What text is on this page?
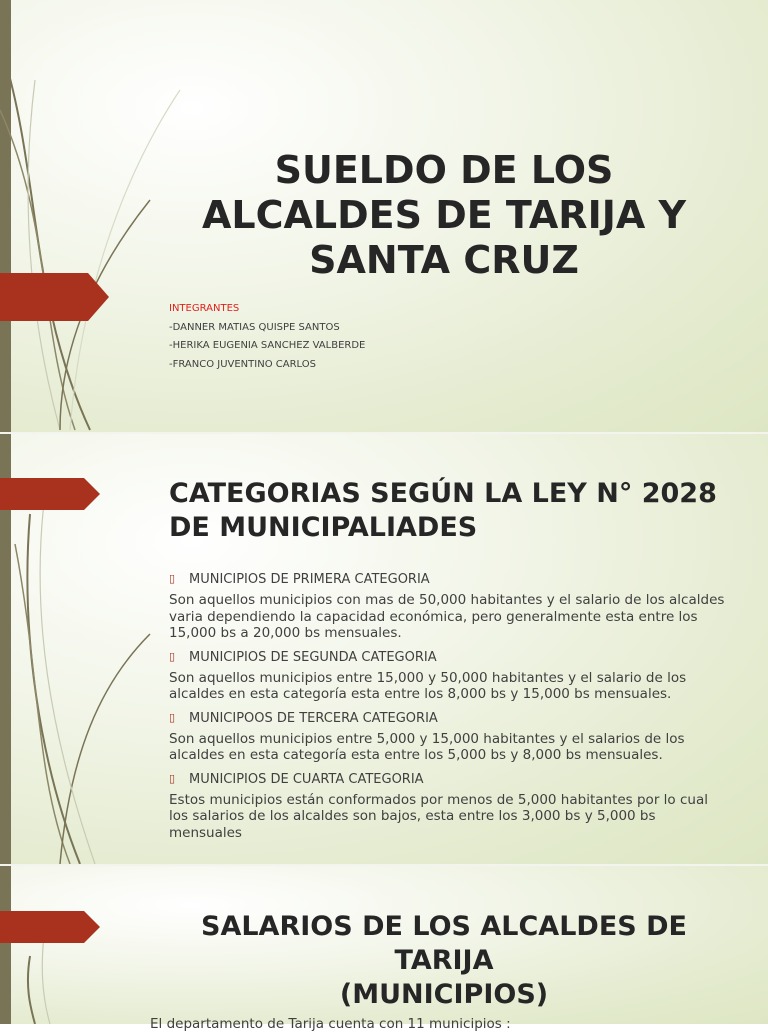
SUELDO DE LOS ALCALDES DE TARIJA Y SANTA CRUZ
INTEGRANTES
-DANNER MATIAS QUISPE SANTOS
-HERIKA EUGENIA SANCHEZ VALBERDE
-FRANCO JUVENTINO CARLOS
CATEGORIAS SEGÚN LA LEY N° 2028 DE MUNICIPALIADES
▯ MUNICIPIOS DE PRIMERA CATEGORIA
Son aquellos municipios con mas de 50,000 habitantes y el salario de los alcaldes varia dependiendo la capacidad económica, pero generalmente esta entre los 15,000 bs a 20,000 bs mensuales.
▯ MUNICIPIOS DE SEGUNDA CATEGORIA
Son aquellos municipios entre 15,000 y 50,000 habitantes y el salario de los alcaldes en esta categoría esta entre los 8,000 bs y 15,000 bs mensuales.
▯ MUNICIPOOS DE TERCERA CATEGORIA
Son aquellos municipios entre 5,000 y 15,000 habitantes y el salarios de los alcaldes en esta categoría esta entre los 5,000 bs y 8,000 bs mensuales.
▯ MUNICIPIOS DE CUARTA CATEGORIA
Estos municipios están conformados por menos de 5,000 habitantes por lo cual los salarios de los alcaldes son bajos, esta entre los 3,000 bs y 5,000 bs mensuales
SALARIOS DE LOS ALCALDES DE TARIJA
(MUNICIPIOS)
El departamento de Tarija cuenta con 11 municipios :
